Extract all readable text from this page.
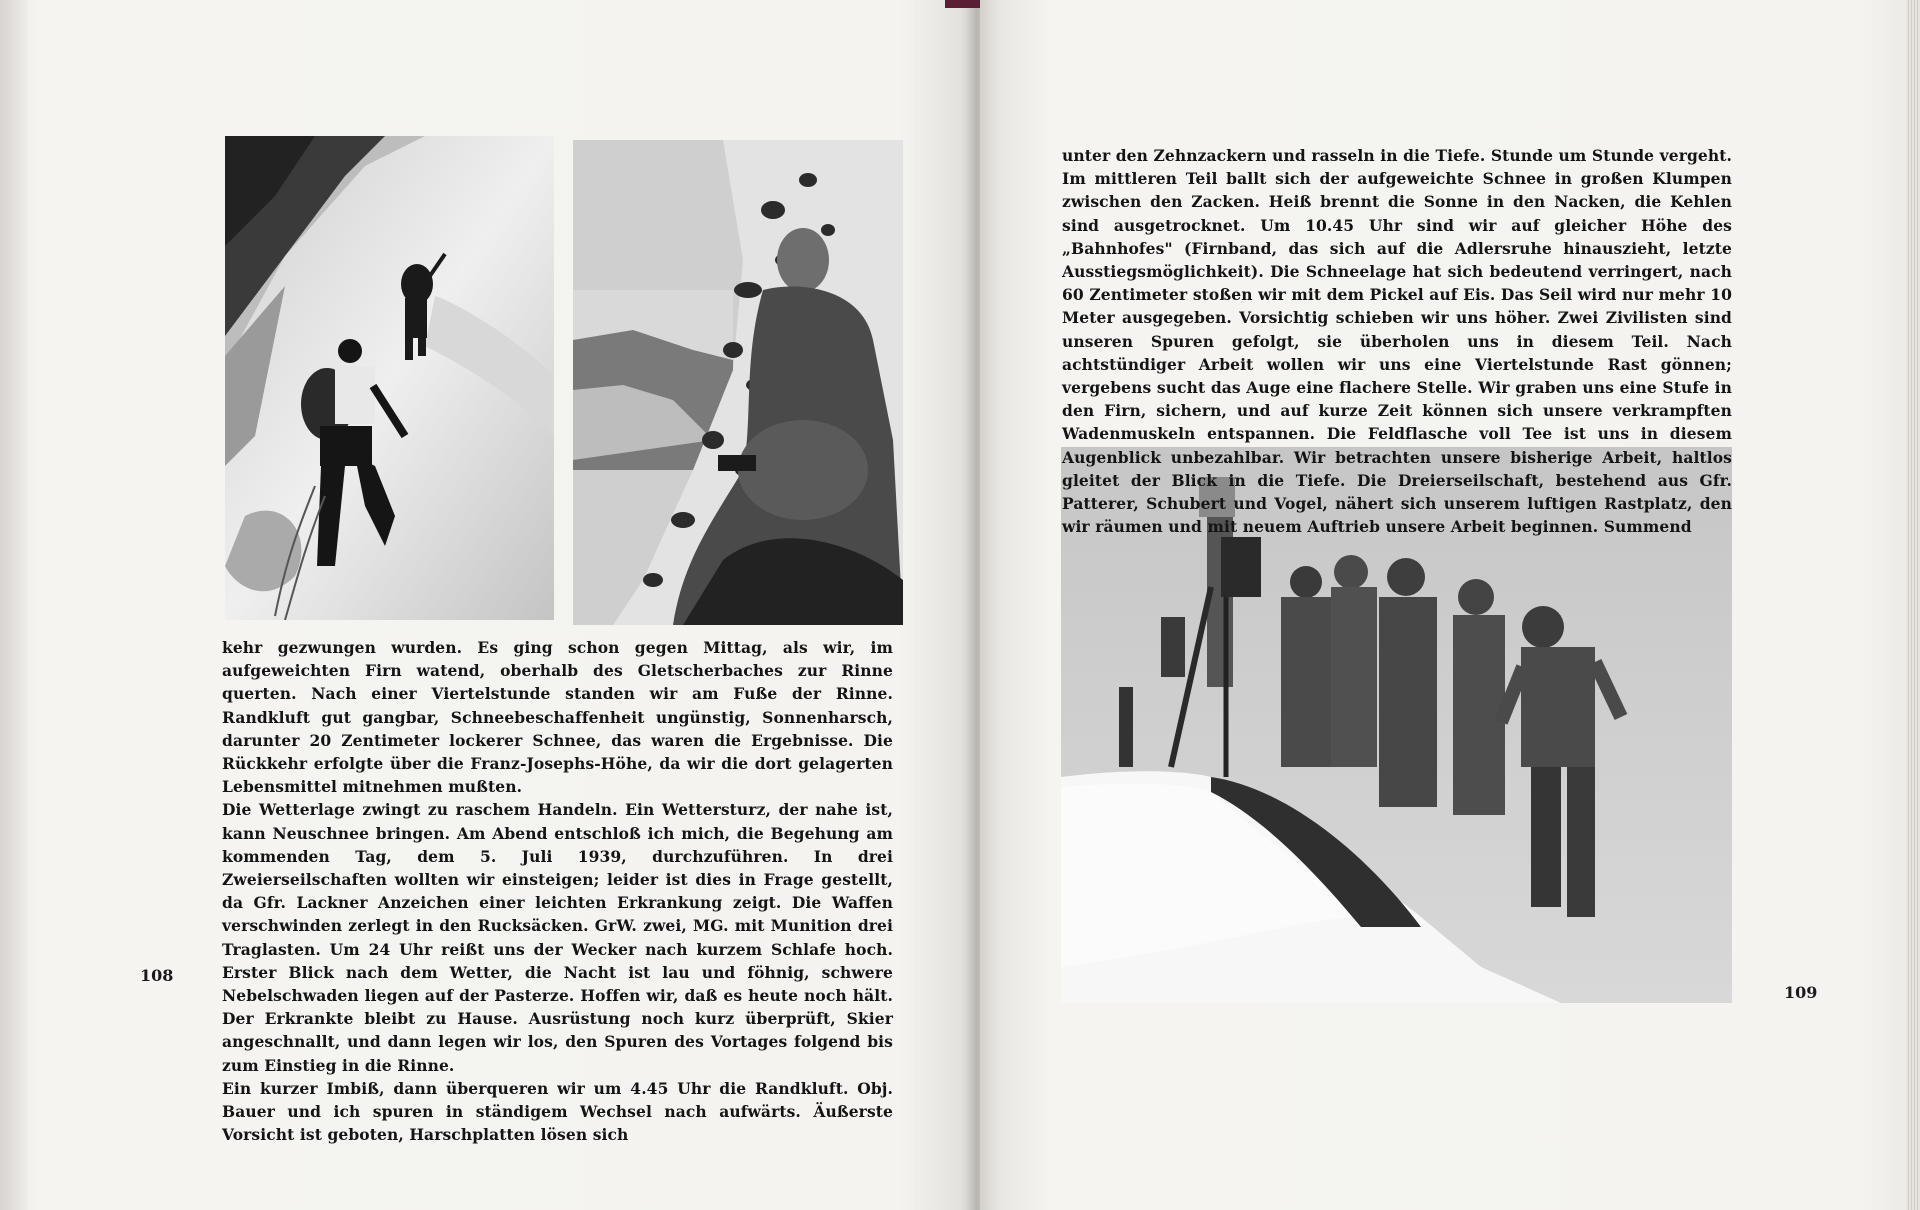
kehr gezwungen wurden. Es ging schon gegen Mittag, als wir, im aufgeweichten Firn watend, oberhalb des Gletscherbaches zur Rinne querten. Nach einer Viertelstunde standen wir am Fuße der Rinne. Randkluft gut gangbar, Schneebeschaffenheit ungünstig, Sonnenharsch, darunter 20 Zentimeter lockerer Schnee, das waren die Ergebnisse. Die Rückkehr erfolgte über die Franz-Josephs-Höhe, da wir die dort gelagerten Lebensmittel mitnehmen mußten.

Die Wetterlage zwingt zu raschem Handeln. Ein Wettersturz, der nahe ist, kann Neuschnee bringen. Am Abend entschloß ich mich, die Begehung am kommenden Tag, dem 5. Juli 1939, durchzuführen. In drei Zweierseilschaften wollten wir einsteigen; leider ist dies in Frage gestellt, da Gfr. Lackner Anzeichen einer leichten Erkrankung zeigt. Die Waffen verschwinden zerlegt in den Rucksäcken. GrW. zwei, MG. mit Munition drei Traglasten. Um 24 Uhr reißt uns der Wecker nach kurzem Schlafe hoch. Erster Blick nach dem Wetter, die Nacht ist lau und föhnig, schwere Nebelschwaden liegen auf der Pasterze. Hoffen wir, daß es heute noch hält. Der Erkrankte bleibt zu Hause. Ausrüstung noch kurz überprüft, Skier angeschnallt, und dann legen wir los, den Spuren des Vortages folgend bis zum Einstieg in die Rinne.

Ein kurzer Imbiß, dann überqueren wir um 4.45 Uhr die Randkluft. Obj. Bauer und ich spuren in ständigem Wechsel nach aufwärts. Äußerste Vorsicht ist geboten, Harschplatten lösen sich

108

unter den Zehnzackern und rasseln in die Tiefe. Stunde um Stunde vergeht. Im mittleren Teil ballt sich der aufgeweichte Schnee in großen Klumpen zwischen den Zacken. Heiß brennt die Sonne in den Nacken, die Kehlen sind ausgetrocknet. Um 10.45 Uhr sind wir auf gleicher Höhe des „Bahnhofes" (Firnband, das sich auf die Adlersruhe hinauszieht, letzte Ausstiegsmöglichkeit). Die Schneelage hat sich bedeutend verringert, nach 60 Zentimeter stoßen wir mit dem Pickel auf Eis. Das Seil wird nur mehr 10 Meter ausgegeben. Vorsichtig schieben wir uns höher. Zwei Zivilisten sind unseren Spuren gefolgt, sie überholen uns in diesem Teil. Nach achtstündiger Arbeit wollen wir uns eine Viertelstunde Rast gönnen; vergebens sucht das Auge eine flachere Stelle. Wir graben uns eine Stufe in den Firn, sichern, und auf kurze Zeit können sich unsere verkrampften Wadenmuskeln entspannen. Die Feldflasche voll Tee ist uns in diesem Augenblick unbezahlbar. Wir betrachten unsere bisherige Arbeit, haltlos gleitet der Blick in die Tiefe. Die Dreierseilschaft, bestehend aus Gfr. Patterer, Schubert und Vogel, nähert sich unserem luftigen Rastplatz, den wir räumen und mit neuem Auftrieb unsere Arbeit beginnen. Summend

109
